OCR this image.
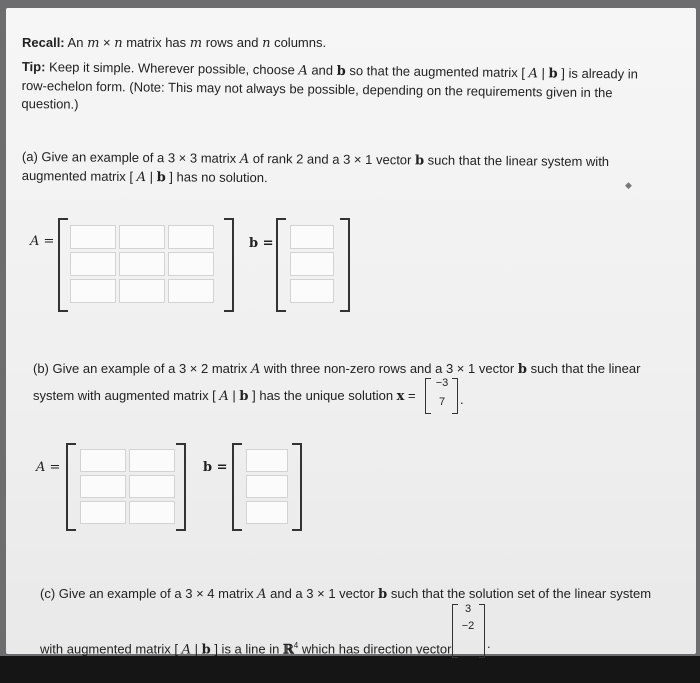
Recall: An m × n matrix has m rows and n columns.
Tip: Keep it simple. Wherever possible, choose A and b so that the augmented matrix [ A | b ] is already in row-echelon form. (Note: This may not always be possible, depending on the requirements given in the question.)
(a) Give an example of a 3 × 3 matrix A of rank 2 and a 3 × 1 vector b such that the linear system with augmented matrix [ A | b ] has no solution.	◆
A =	b =
(b) Give an example of a 3 × 2 matrix A with three non-zero rows and a 3 × 1 vector b such that the linear system with augmented matrix [ A | b ] has the unique solution x =
−3
7	.
A =	b =
(c) Give an example of a 3 × 4 matrix A and a 3 × 1 vector b such that the solution set of the linear system
with augmented matrix [ A | b ] is a line in ℝ$^4$ which has direction vector
3
−2
.
